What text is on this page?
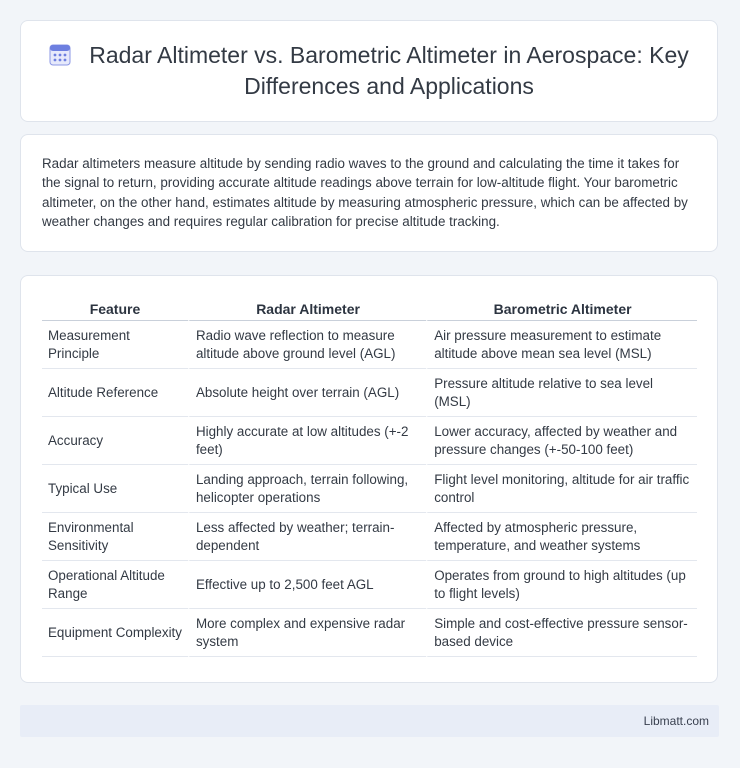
Radar Altimeter vs. Barometric Altimeter in Aerospace: Key Differences and Applications

Radar altimeters measure altitude by sending radio waves to the ground and calculating the time it takes for the signal to return, providing accurate altitude readings above terrain for low-altitude flight. Your barometric altimeter, on the other hand, estimates altitude by measuring atmospheric pressure, which can be affected by weather changes and requires regular calibration for precise altitude tracking.

Feature	Radar Altimeter	Barometric Altimeter
Measurement Principle	Radio wave reflection to measure altitude above ground level (AGL)	Air pressure measurement to estimate altitude above mean sea level (MSL)
Altitude Reference	Absolute height over terrain (AGL)	Pressure altitude relative to sea level (MSL)
Accuracy	Highly accurate at low altitudes (+-2 feet)	Lower accuracy, affected by weather and pressure changes (+-50-100 feet)
Typical Use	Landing approach, terrain following, helicopter operations	Flight level monitoring, altitude for air traffic control
Environmental Sensitivity	Less affected by weather; terrain-dependent	Affected by atmospheric pressure, temperature, and weather systems
Operational Altitude Range	Effective up to 2,500 feet AGL	Operates from ground to high altitudes (up to flight levels)
Equipment Complexity	More complex and expensive radar system	Simple and cost-effective pressure sensor-based device
Libmatt.com
